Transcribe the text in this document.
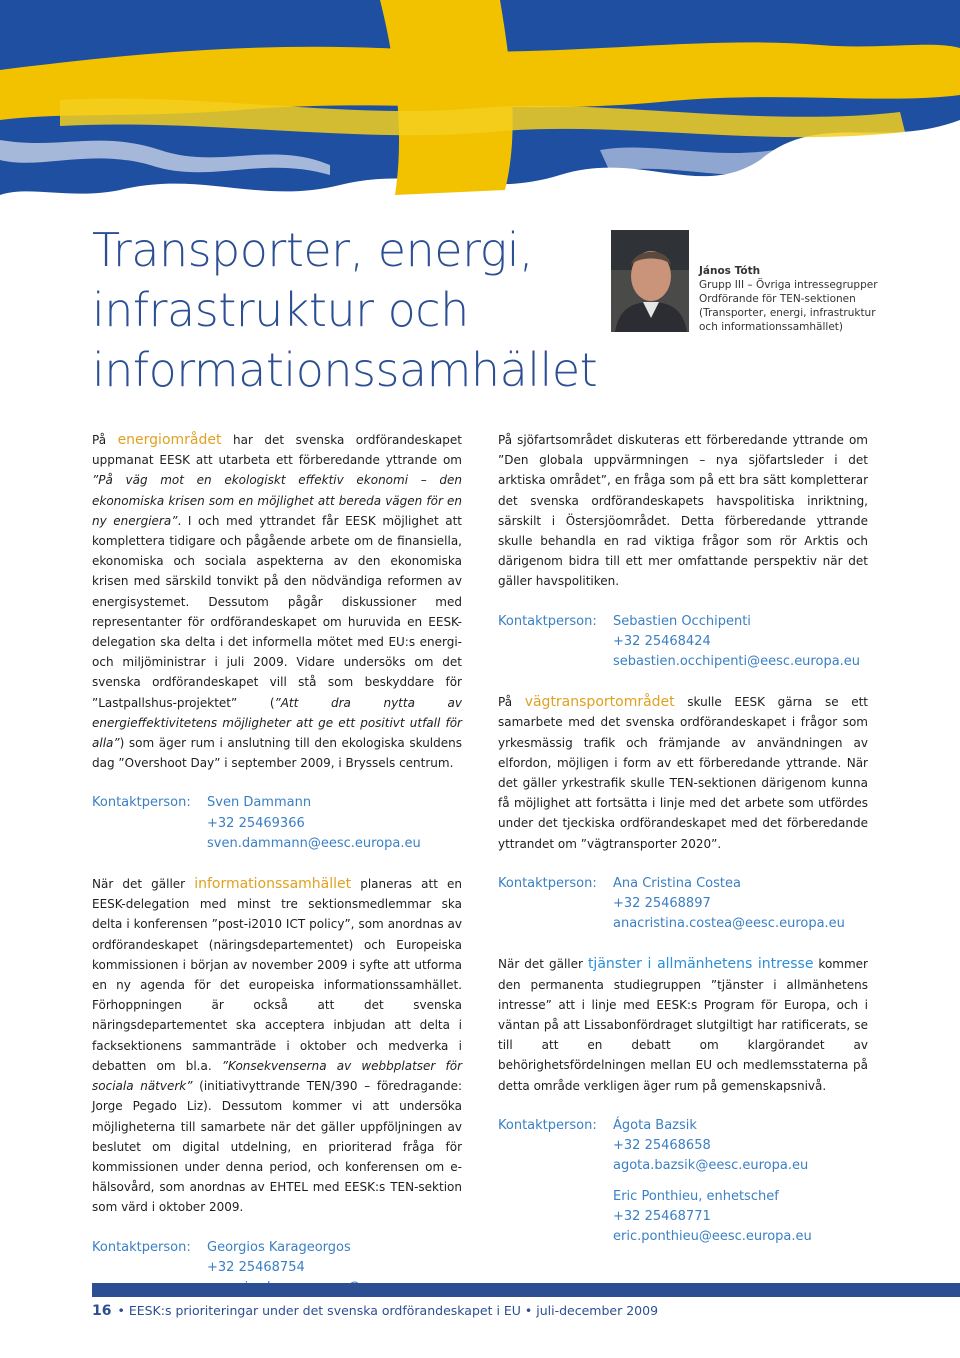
Transporter, energi,
infrastruktur och
informationssamhället
János Tóth
Grupp III – Övriga intressegrupper
Ordförande för TEN-sektionen
(Transporter, energi, infrastruktur
och informationssamhället)

På energiområdet har det svenska ordförandeskapet uppmanat EESK att utarbeta ett förberedande yttrande om ”På väg mot en ekologiskt effektiv ekonomi – den ekonomiska krisen som en möjlighet att bereda vägen för en ny energiera”. I och med yttrandet får EESK möjlighet att komplettera tidigare och pågående arbete om de finansiella, ekonomiska och sociala aspekterna av den ekonomiska krisen med särskild tonvikt på den nödvändiga reformen av energisystemet. Dessutom pågår diskussioner med representanter för ordförandeskapet om huruvida en EESK-delegation ska delta i det informella mötet med EU:s energi- och miljöministrar i juli 2009. Vidare undersöks om det svenska ordförandeskapet vill stå som beskyddare för ”Lastpallshus-projektet” (”Att dra nytta av energieffektivitetens möjligheter att ge ett positivt utfall för alla”) som äger rum i anslutning till den ekologiska skuldens dag ”Overshoot Day” i september 2009, i Bryssels centrum.

Kontaktperson:	Sven Dammann
+32 25469366
sven.dammann@eesc.europa.eu

När det gäller informationssamhället planeras att en EESK-delegation med minst tre sektionsmedlemmar ska delta i konferensen ”post-i2010 ICT policy”, som anordnas av ordförandeskapet (näringsdepartementet) och Europeiska kommissionen i början av november 2009 i syfte att utforma en ny agenda för det europeiska informationssamhället. Förhoppningen är också att det svenska näringsdepartementet ska acceptera inbjudan att delta i facksektionens sammanträde i oktober och medverka i debatten om bl.a. ”Konsekvenserna av webbplatser för sociala nätverk” (initiativyttrande TEN/390 – föredragande: Jorge Pegado Liz). Dessutom kommer vi att undersöka möjligheterna till samarbete när det gäller uppföljningen av beslutet om digital utdelning, en prioriterad fråga för kommissionen under denna period, och konferensen om e-hälsovård, som anordnas av EHTEL med EESK:s TEN-sektion som värd i oktober 2009.

Kontaktperson:	Georgios Karageorgos
+32 25468754

På sjöfartsområdet diskuteras ett förberedande yttrande om ”Den globala uppvärmningen – nya sjöfartsleder i det arktiska området”, en fråga som på ett bra sätt kompletterar det svenska ordförandeskapets havspolitiska inriktning, särskilt i Östersjöområdet. Detta förberedande yttrande skulle behandla en rad viktiga frågor som rör Arktis och därigenom bidra till ett mer omfattande perspektiv när det gäller havspolitiken.

Kontaktperson:	Sebastien Occhipenti
+32 25468424
sebastien.occhipenti@eesc.europa.eu

På vägtransportområdet skulle EESK gärna se ett samarbete med det svenska ordförandeskapet i frågor som yrkesmässig trafik och främjande av användningen av elfordon, möjligen i form av ett förberedande yttrande. När det gäller yrkestrafik skulle TEN-sektionen därigenom kunna få möjlighet att fortsätta i linje med det arbete som utfördes under det tjeckiska ordförandeskapet med det förberedande yttrandet om ”vägtransporter 2020”.

Kontaktperson:	Ana Cristina Costea
+32 25468897
anacristina.costea@eesc.europa.eu

När det gäller tjänster i allmänhetens intresse kommer den permanenta studiegruppen ”tjänster i allmänhetens intresse” att i linje med EESK:s Program för Europa, och i väntan på att Lissabonfördraget slutgiltigt har ratificerats, se till att en debatt om klargörandet av behörighetsfördelningen mellan EU och medlemsstaterna på detta område verkligen äger rum på gemenskapsnivå.

Kontaktperson:	Ágota Bazsik
+32 25468658
agota.bazsik@eesc.europa.eu
Eric Ponthieu, enhetschef
+32 25468771
eric.ponthieu@eesc.europa.eu
16 • EESK:s prioriteringar under det svenska ordförandeskapet i EU • juli-december 2009
